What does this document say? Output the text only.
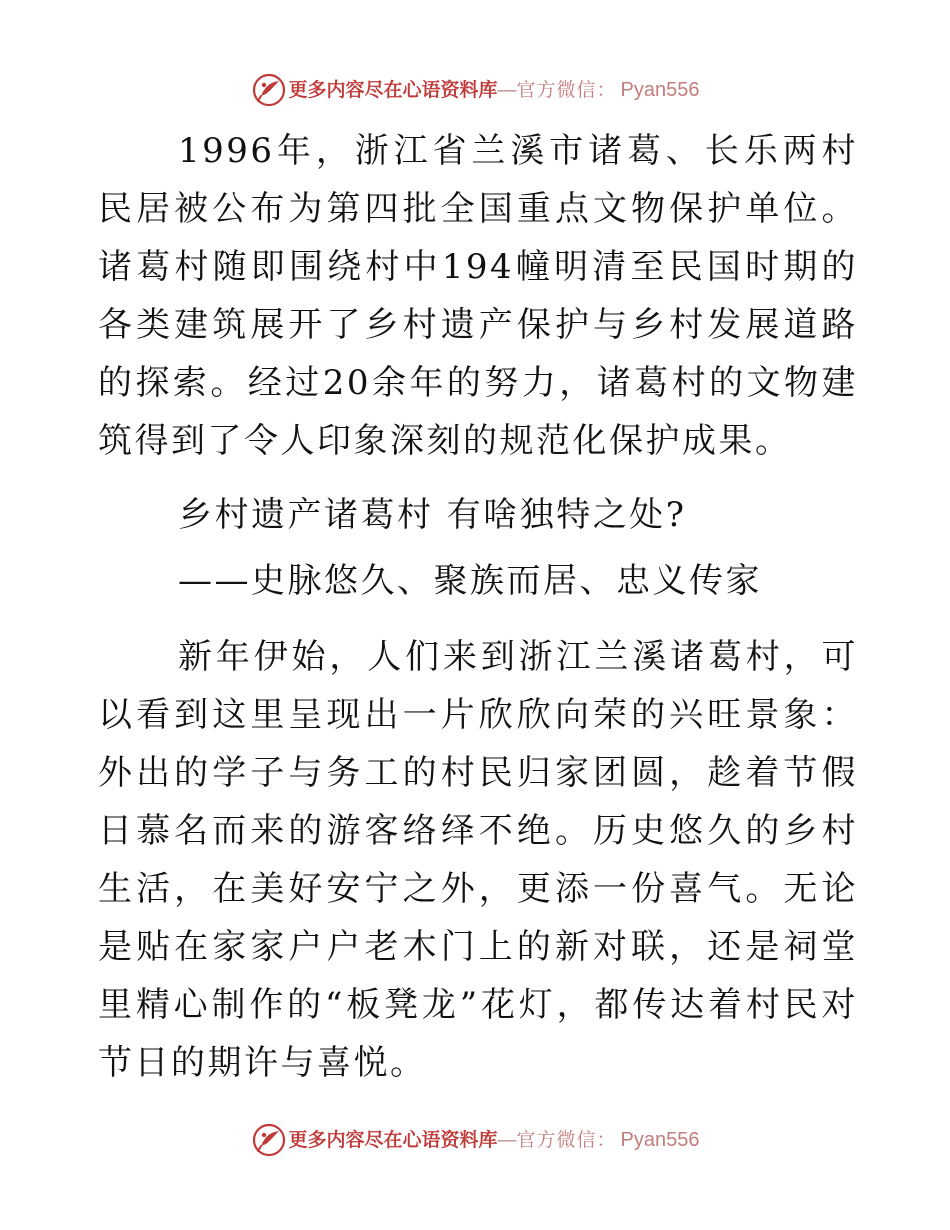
更多内容尽在心语资料库 — 官方微信： Pyan556

1996年，浙江省兰溪市诸葛、长乐两村民居被公布为第四批全国重点文物保护单位。诸葛村随即围绕村中194幢明清至民国时期的各类建筑展开了乡村遗产保护与乡村发展道路的探索。经过20余年的努力，诸葛村的文物建筑得到了令人印象深刻的规范化保护成果。

乡村遗产诸葛村 有啥独特之处?

——史脉悠久、聚族而居、忠义传家

新年伊始，人们来到浙江兰溪诸葛村，可以看到这里呈现出一片欣欣向荣的兴旺景象：外出的学子与务工的村民归家团圆，趁着节假日慕名而来的游客络绎不绝。历史悠久的乡村生活，在美好安宁之外，更添一份喜气。无论是贴在家家户户老木门上的新对联，还是祠堂里精心制作的“板凳龙”花灯，都传达着村民对节日的期许与喜悦。

更多内容尽在心语资料库 — 官方微信： Pyan556
